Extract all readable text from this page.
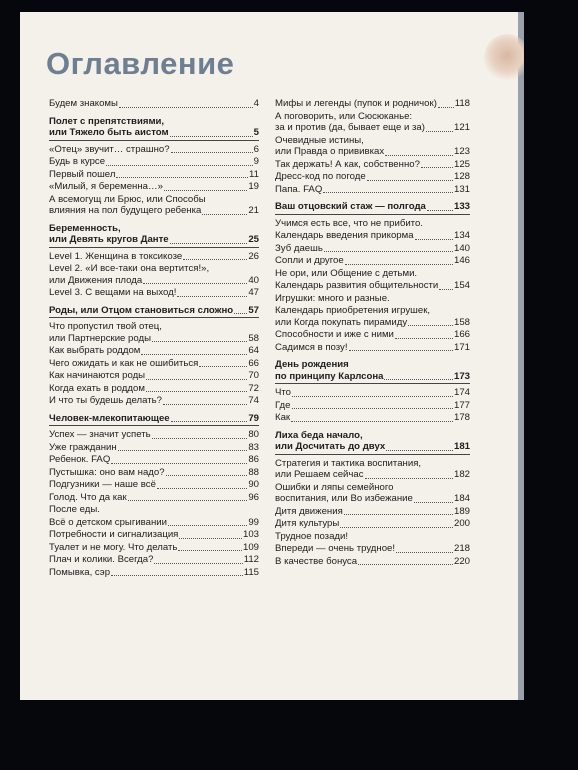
Оглавление
Будем знакомы	4
Полет с препятствиями,
или Тяжело быть аистом	5
«Отец» звучит… страшно?	6
Будь в курсе	9
Первый пошел	11
«Милый, я беременна…»	19
А всемогущ ли Брюс, или Способы
влияния на пол будущего ребенка	21
Беременность,
или Девять кругов Данте	25
Level 1. Женщина в токсикозе	26
Level 2. «И все-таки она вертится!»,
или Движения плода	40
Level 3. С вещами на выход!	47
Роды, или Отцом становиться сложно 57
Что пропустил твой отец,
или Партнерские роды	58
Как выбрать роддом	64
Чего ожидать и как не ошибиться	66
Как начинаются роды	70
Когда ехать в роддом	72
И что ты будешь делать?	74
Человек-млекопитающее	79
Успех — значит успеть	80
Уже гражданин	83
Ребенок. FAQ	86
Пустышка: оно вам надо?	88
Подгузники — наше всё	90
Голод. Что да как	96
После еды.
Всё о детском срыгивании	99
Потребности и сигнализация	103
Туалет и не могу. Что делать	109
Плач и колики. Всегда?	112
Помывка, сэр	115
Мифы и легенды (пупок и родничок) 118
А поговорить, или Сюсюканье:
за и против (да, бывает еще и за)	121
Очевидные истины,
или Правда о прививках	123
Так держать! А как, собственно?	125
Дресс-код по погоде	128
Папа. FAQ	131
Ваш отцовский стаж — полгода	133
Учимся есть все, что не прибито.
Календарь введения прикорма	134
Зуб даешь	140
Сопли и другое	146
Не ори, или Общение с детьми.
Календарь развития общительности 154
Игрушки: много и разные.
Календарь приобретения игрушек,
или Когда покупать пирамиду	158
Способности и иже с ними	166
Садимся в позу!	171
День рождения
по принципу Карлсона	173
Что	174
Где	177
Как	178
Лиха беда начало,
или Досчитать до двух	181
Стратегия и тактика воспитания,
или Решаем сейчас	182
Ошибки и ляпы семейного
воспитания, или Во избежание	184
Дитя движения	189
Дитя культуры	200
Трудное позади!
Впереди — очень трудное!	218
В качестве бонуса	220
